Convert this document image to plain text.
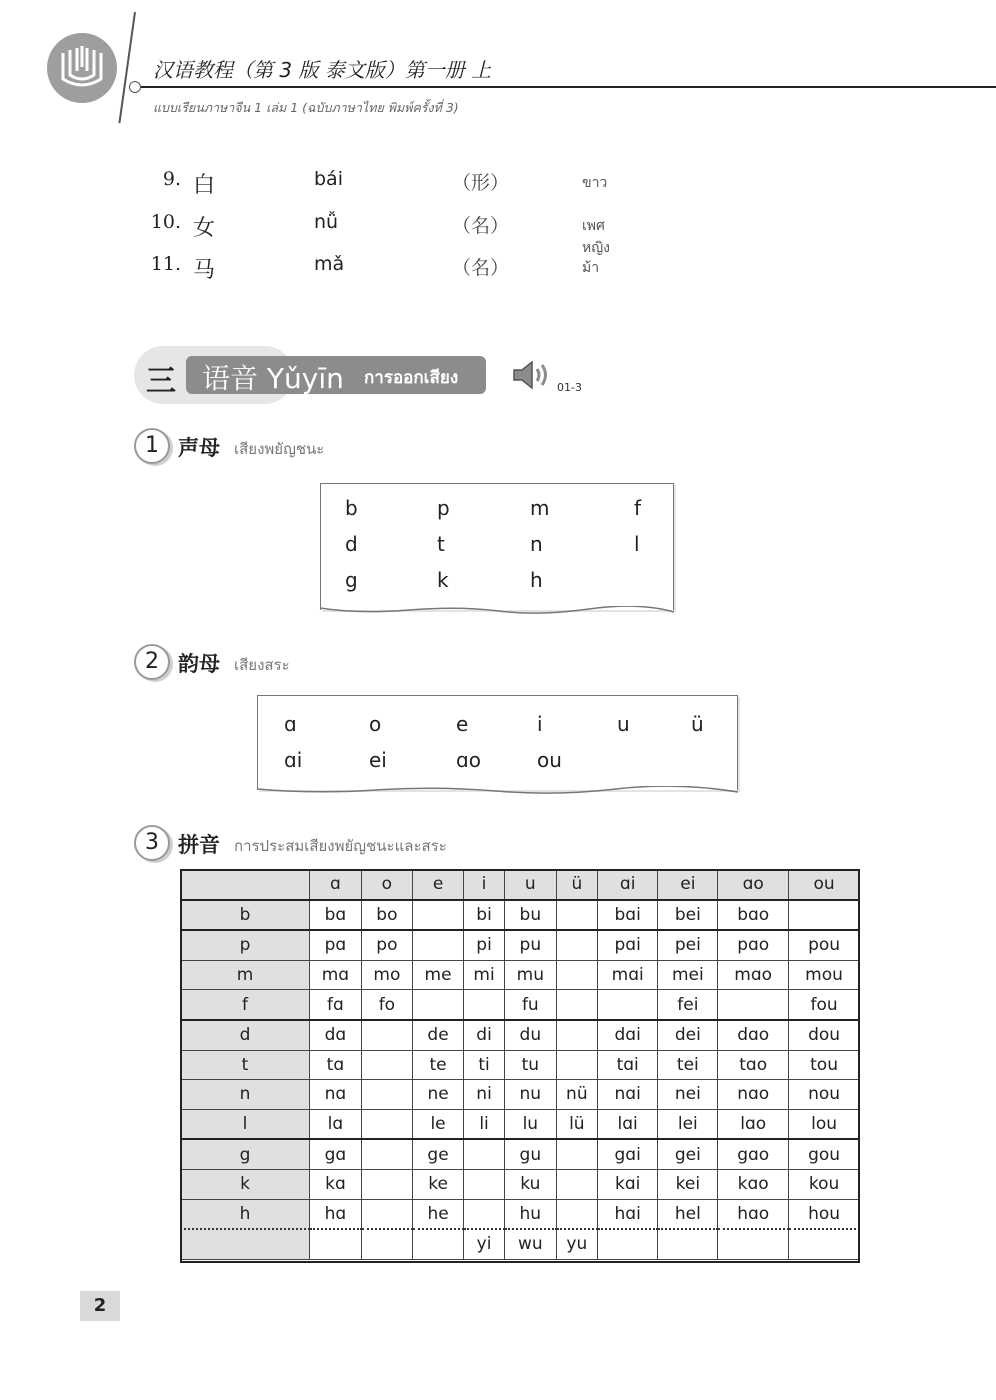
汉语教程（第 3 版 泰文版）第一册 上
แบบเรียนภาษาจีน 1 เล่ม 1 (ฉบับภาษาไทย พิมพ์ครั้งที่ 3)
9. 白	bái	（形）	ขาว
10. 女	nǚ	（名）	เพศหญิง
11. 马	mǎ	（名）	ม้า
三 语音 Yǔyīn การออกเสียง	01-3
1 声母 เสียงพยัญชนะ
b	p	m	f
d	t	n	l
g	k	h
2 韵母 เสียงสระ
ɑ	o	e	i	u	ü
ɑi	ei	ɑo	ou
3 拼音 การประสมเสียงพยัญชนะและสระ
	ɑ	o	e	i	u	ü	ɑi	ei	ɑo	ou
b	bɑ	bo		bi	bu		bɑi	bei	bɑo	
p	pɑ	po		pi	pu		pɑi	pei	pɑo	pou
m	mɑ	mo	me	mi	mu		mɑi	mei	mɑo	mou
f	fɑ	fo			fu			fei		fou
d	dɑ		de	di	du		dɑi	dei	dɑo	dou
t	tɑ		te	ti	tu		tɑi	tei	tɑo	tou
n	nɑ		ne	ni	nu	nü	nɑi	nei	nɑo	nou
l	lɑ		le	li	lu	lü	lɑi	lei	lɑo	lou
g	gɑ		ge		gu		gɑi	gei	gɑo	gou
k	kɑ		ke		ku		kɑi	kei	kɑo	kou
h	hɑ		he		hu		hɑi	hel	hɑo	hou
				yi	wu	yu				
2
